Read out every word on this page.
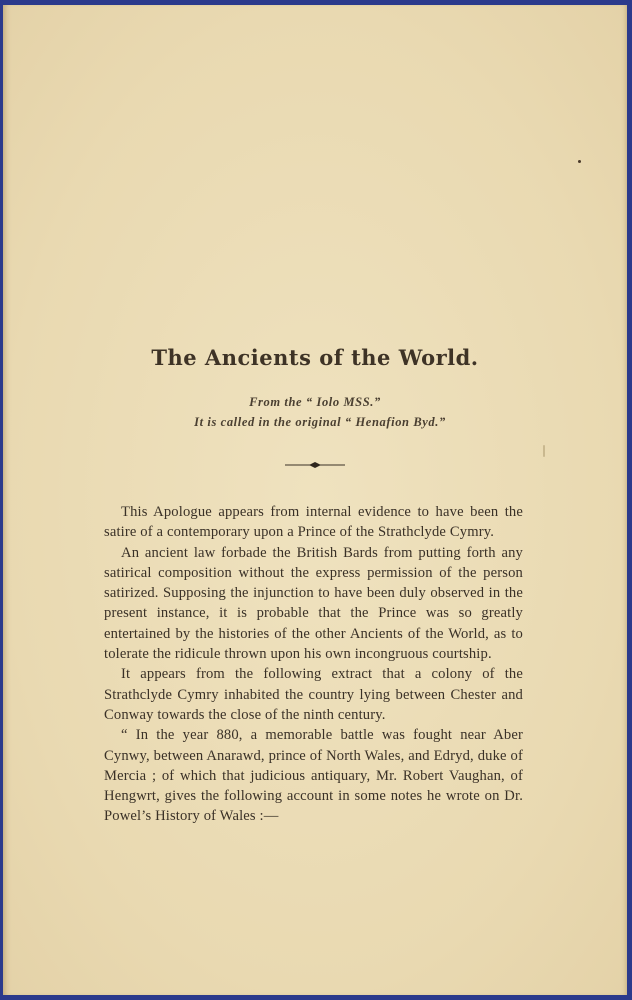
The Ancients of the World.
From the “ Iolo MSS.”
It is called in the original “ Henafion Byd.”

This Apologue appears from internal evidence to have been the satire of a contemporary upon a Prince of the Strathclyde Cymry.

An ancient law forbade the British Bards from putting forth any satirical composition without the express permission of the person satirized. Supposing the injunction to have been duly observed in the present instance, it is probable that the Prince was so greatly entertained by the histories of the other Ancients of the World, as to tolerate the ridicule thrown upon his own incongruous courtship.

It appears from the following extract that a colony of the Strathclyde Cymry inhabited the country lying between Chester and Conway towards the close of the ninth century.

“ In the year 880, a memorable battle was fought near Aber Cynwy, between Anarawd, prince of North Wales, and Edryd, duke of Mercia ; of which that judicious antiquary, Mr. Robert Vaughan, of Hengwrt, gives the following account in some notes he wrote on Dr. Powel’s History of Wales :—
